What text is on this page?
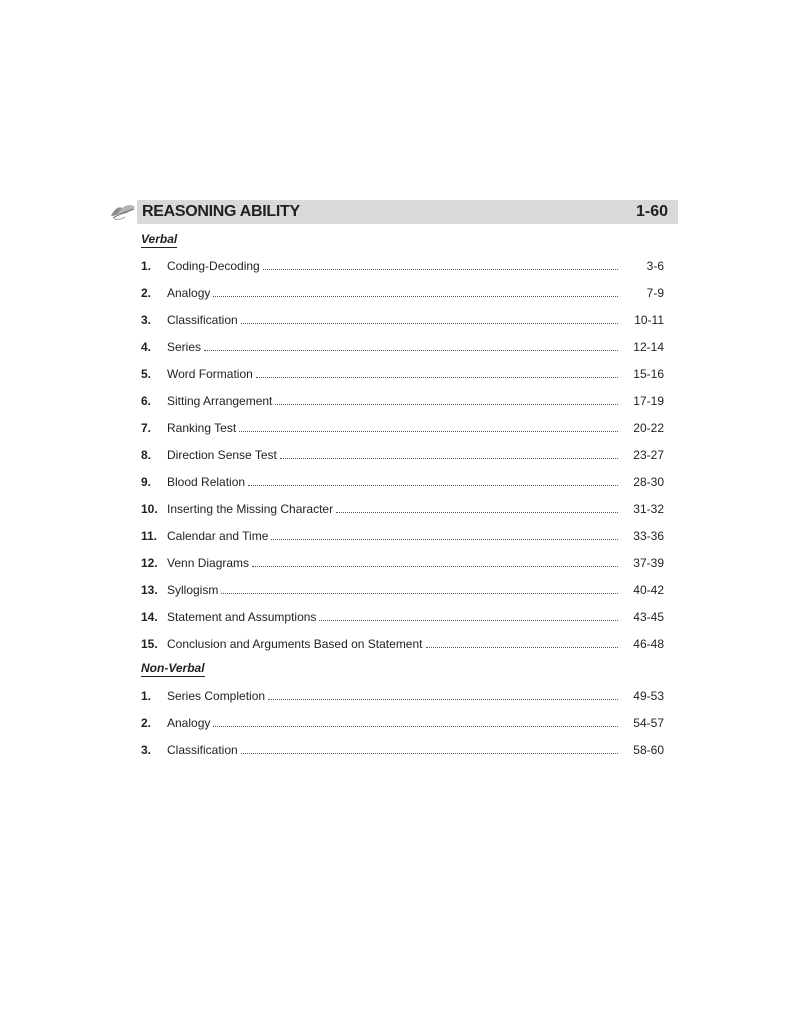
REASONING ABILITY	1-60
Verbal
1. Coding-Decoding	3-6
2. Analogy	7-9
3. Classification	10-11
4. Series	12-14
5. Word Formation	15-16
6. Sitting Arrangement	17-19
7. Ranking Test	20-22
8. Direction Sense Test	23-27
9. Blood Relation	28-30
10. Inserting the Missing Character	31-32
11. Calendar and Time	33-36
12. Venn Diagrams	37-39
13. Syllogism	40-42
14. Statement and Assumptions	43-45
15. Conclusion and Arguments Based on Statement	46-48
Non-Verbal
1. Series Completion	49-53
2. Analogy	54-57
3. Classification	58-60
